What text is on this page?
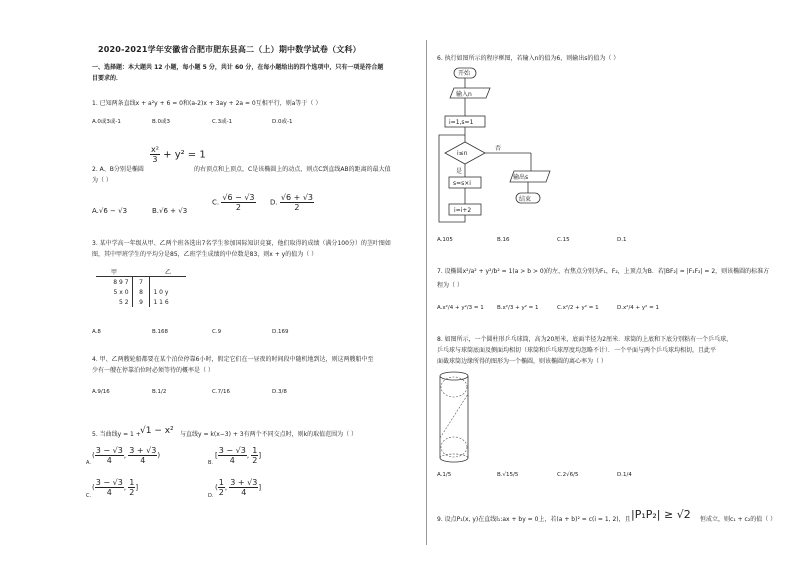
2020-2021学年安徽省合肥市肥东县高二（上）期中数学试卷（文科）
一、选择题：本大题共 12 小题，每小题 5 分，共计 60 分，在每小题给出的四个选项中，只有一项是符合题
目要求的．
1. 已知两条直线x + a²y + 6 = 0和(a-2)x + 3ay + 2a = 0互相平行，则a等于（ ）
A.0或3或-1	B.0或3	C.3或-1	D.0或-1
$\frac{\text{x²}}{3} + y^2 = 1$
2. A、B分别是椭圆	的右顶点和上顶点，C是该椭圆上的动点，则点C到直线AB的距离的最大值
为（ ）
A.√6 − √3	B.√6 + √3
C. $\frac{√6 - √3}{2} D$. $\frac{√6 + √3}{2}$
3. 某中学高一年级从甲、乙两个班各选出7名学生参加国际知识竞赛，他们取得的成绩（满分100分）的茎叶图如
图，其中甲班学生的平均分是85，乙班学生成绩的中位数是83，则x + y的值为（ ）
甲		乙
8 9 7	7	
5 x 0	8	1 0 y
5 2	9	1 1 6
A.8	B.168	C.9	D.169
4. 甲、乙两艘轮船都要在某个泊位停靠6小时，假定它们在一昼夜的时间段中随机地到达，则这两艘船中至
少有一艘在停靠泊位时必须等待的概率是（ ）
A.9/16	B.1/2	C.7/16	D.3/8
5. 当曲线y = 1 + √1 − x² 与直线y = k(x−3) + 3有两个不同交点时，则k的取值范围为（ ）
( $\frac{3 - √3}{4}$ , $\frac{3 + √3}{4}$ )
A.
[ $\frac{3 - √3}{4}$ , $\frac{1}{2}$ ]
B.
( $\frac{3 - √3}{4}$ , $\frac{1}{2}$ ]
C.
( $\frac{1}{2}$ , $\frac{3 + √3}{4}$ ]
D.
6. 执行如图所示的程序框图，若输入n的值为6，则输出s的值为（ ）
开始
输入n
i=1,s=1
i≤n
否
是
s=s×i
i=i+2
输出s
结束
A.105	B.16	C.15	D.1
7. 设椭圆x²/a² + y²/b² = 1(a > b > 0)的左、右焦点分别为F₁，F₂，上顶点为B．若|BF₂| = |F₁F₂| = 2，则该椭圆的标准方
程为（ ）
A.x²/4 + y²/3 = 1 B.x²/3 + y² = 1	C.x²/2 + y² = 1	D.x²/4 + y² = 1
8. 如图所示，一个圆柱形乒乓球筒，高为20厘米，底面半径为2厘米．球筒的上底和下底分别粘有一个乒乓球，
乒乓球与球筒底面及侧面均相切（球筒和乒乓球厚度均忽略不计）．一个平面与两个乒乓球均相切，且此平
面截球筒边缘所得的图形为一个椭圆，则该椭圆的离心率为（ ）
A.1/5	B.√15/5	C.2√6/5	D.1/4
9. 设点P₁(x, y)在直线l₁:ax + by = 0上，若(a + b)² = c(i = 1, 2)，且 |P₁P₂| ≥ √2 恒成立，则c₁ + c₂的值（ ）
